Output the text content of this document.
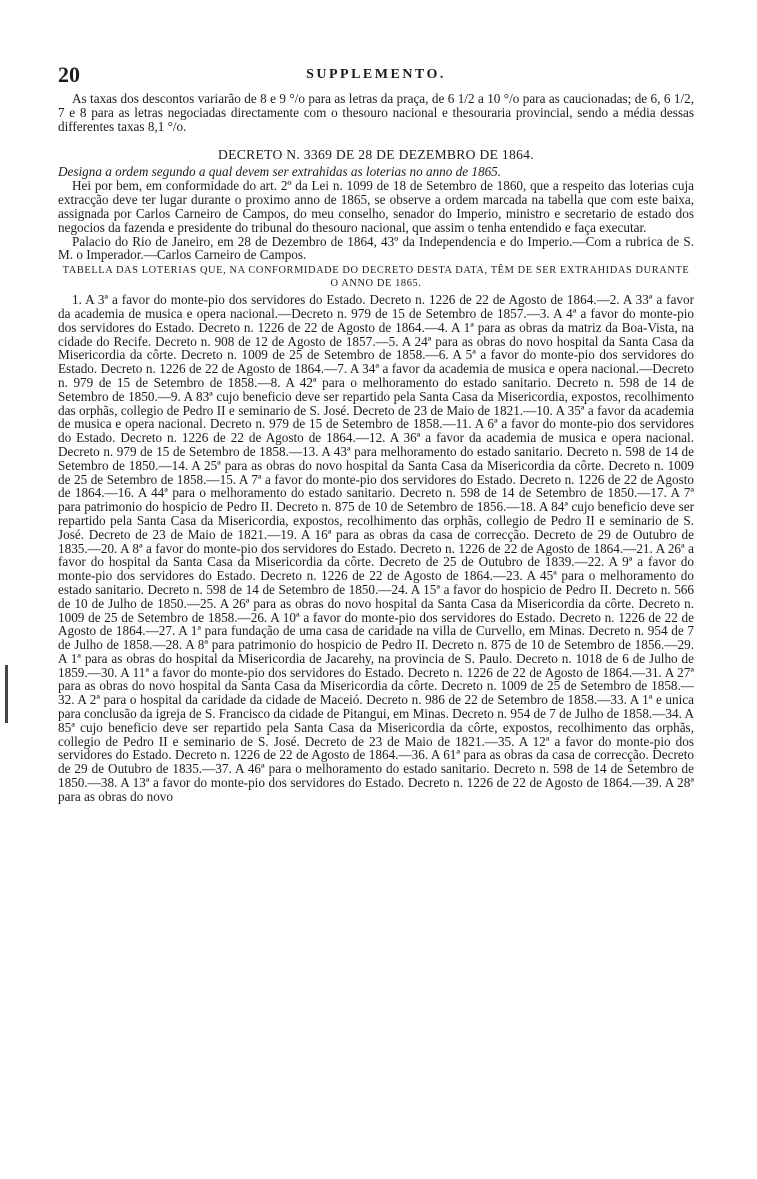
20	SUPPLEMENTO.

As taxas dos descontos variarão de 8 e 9 °/o para as letras da praça, de 6 1/2 a 10 °/o para as caucionadas; de 6, 6 1/2, 7 e 8 para as letras negociadas directamente com o thesouro nacional e thesouraria provincial, sendo a média dessas differentes taxas 8,1 °/o.

DECRETO N. 3369 DE 28 DE DEZEMBRO DE 1864.
Designa a ordem segundo a qual devem ser extrahidas as loterias no anno de 1865.

Hei por bem, em conformidade do art. 2º da Lei n. 1099 de 18 de Setembro de 1860, que a respeito das loterias cuja extracção deve ter lugar durante o proximo anno de 1865, se observe a ordem marcada na tabella que com este baixa, assignada por Carlos Carneiro de Campos, do meu conselho, senador do Imperio, ministro e secretario de estado dos negocios da fazenda e presidente do tribunal do thesouro nacional, que assim o tenha entendido e faça executar.

Palacio do Rio de Janeiro, em 28 de Dezembro de 1864, 43º da Independencia e do Imperio.—Com a rubrica de S. M. o Imperador.—Carlos Carneiro de Campos.

TABELLA DAS LOTERIAS QUE, NA CONFORMIDADE DO DECRETO DESTA DATA, TÊM DE SER EXTRAHIDAS DURANTE O ANNO DE 1865.

1. A 3ª a favor do monte-pio dos servidores do Estado. Decreto n. 1226 de 22 de Agosto de 1864.—2. A 33ª a favor da academia de musica e opera nacional.—Decreto n. 979 de 15 de Setembro de 1857.—3. A 4ª a favor do monte-pio dos servidores do Estado. Decreto n. 1226 de 22 de Agosto de 1864.—4. A 1ª para as obras da matriz da Boa-Vista, na cidade do Recife. Decreto n. 908 de 12 de Agosto de 1857.—5. A 24ª para as obras do novo hospital da Santa Casa da Misericordia da côrte. Decreto n. 1009 de 25 de Setembro de 1858.—6. A 5ª a favor do monte-pio dos servidores do Estado. Decreto n. 1226 de 22 de Agosto de 1864.—7. A 34ª a favor da academia de musica e opera nacional.—Decreto n. 979 de 15 de Setembro de 1858.—8. A 42ª para o melhoramento do estado sanitario. Decreto n. 598 de 14 de Setembro de 1850.—9. A 83ª cujo beneficio deve ser repartido pela Santa Casa da Misericordia, expostos, recolhimento das orphãs, collegio de Pedro II e seminario de S. José. Decreto de 23 de Maio de 1821.—10. A 35ª a favor da academia de musica e opera nacional. Decreto n. 979 de 15 de Setembro de 1858.—11. A 6ª a favor do monte-pio dos servidores do Estado. Decreto n. 1226 de 22 de Agosto de 1864.—12. A 36ª a favor da academia de musica e opera nacional. Decreto n. 979 de 15 de Setembro de 1858.—13. A 43ª para melhoramento do estado sanitario. Decreto n. 598 de 14 de Setembro de 1850.—14. A 25ª para as obras do novo hospital da Santa Casa da Misericordia da côrte. Decreto n. 1009 de 25 de Setembro de 1858.—15. A 7ª a favor do monte-pio dos servidores do Estado. Decreto n. 1226 de 22 de Agosto de 1864.—16. A 44ª para o melhoramento do estado sanitario. Decreto n. 598 de 14 de Setembro de 1850.—17. A 7ª para patrimonio do hospicio de Pedro II. Decreto n. 875 de 10 de Setembro de 1856.—18. A 84ª cujo beneficio deve ser repartido pela Santa Casa da Misericordia, expostos, recolhimento das orphãs, collegio de Pedro II e seminario de S. José. Decreto de 23 de Maio de 1821.—19. A 16ª para as obras da casa de correcção. Decreto de 29 de Outubro de 1835.—20. A 8ª a favor do monte-pio dos servidores do Estado. Decreto n. 1226 de 22 de Agosto de 1864.—21. A 26ª a favor do hospital da Santa Casa da Misericordia da côrte. Decreto de 25 de Outubro de 1839.—22. A 9ª a favor do monte-pio dos servidores do Estado. Decreto n. 1226 de 22 de Agosto de 1864.—23. A 45ª para o melhoramento do estado sanitario. Decreto n. 598 de 14 de Setembro de 1850.—24. A 15ª a favor do hospicio de Pedro II. Decreto n. 566 de 10 de Julho de 1850.—25. A 26ª para as obras do novo hospital da Santa Casa da Misericordia da côrte. Decreto n. 1009 de 25 de Setembro de 1858.—26. A 10ª a favor do monte-pio dos servidores do Estado. Decreto n. 1226 de 22 de Agosto de 1864.—27. A 1ª para fundação de uma casa de caridade na villa de Curvello, em Minas. Decreto n. 954 de 7 de Julho de 1858.—28. A 8ª para patrimonio do hospicio de Pedro II. Decreto n. 875 de 10 de Setembro de 1856.—29. A 1ª para as obras do hospital da Misericordia de Jacarehy, na provincia de S. Paulo. Decreto n. 1018 de 6 de Julho de 1859.—30. A 11ª a favor do monte-pio dos servidores do Estado. Decreto n. 1226 de 22 de Agosto de 1864.—31. A 27ª para as obras do novo hospital da Santa Casa da Misericordia da côrte. Decreto n. 1009 de 25 de Setembro de 1858.—32. A 2ª para o hospital da caridade da cidade de Maceió. Decreto n. 986 de 22 de Setembro de 1858.—33. A 1ª e unica para conclusão da igreja de S. Francisco da cidade de Pitangui, em Minas. Decreto n. 954 de 7 de Julho de 1858.—34. A 85ª cujo beneficio deve ser repartido pela Santa Casa da Misericordia da côrte, expostos, recolhimento das orphãs, collegio de Pedro II e seminario de S. José. Decreto de 23 de Maio de 1821.—35. A 12ª a favor do monte-pio dos servidores do Estado. Decreto n. 1226 de 22 de Agosto de 1864.—36. A 61ª para as obras da casa de correcção. Decreto de 29 de Outubro de 1835.—37. A 46ª para o melhoramento do estado sanitario. Decreto n. 598 de 14 de Setembro de 1850.—38. A 13ª a favor do monte-pio dos servidores do Estado. Decreto n. 1226 de 22 de Agosto de 1864.—39. A 28ª para as obras do novo
